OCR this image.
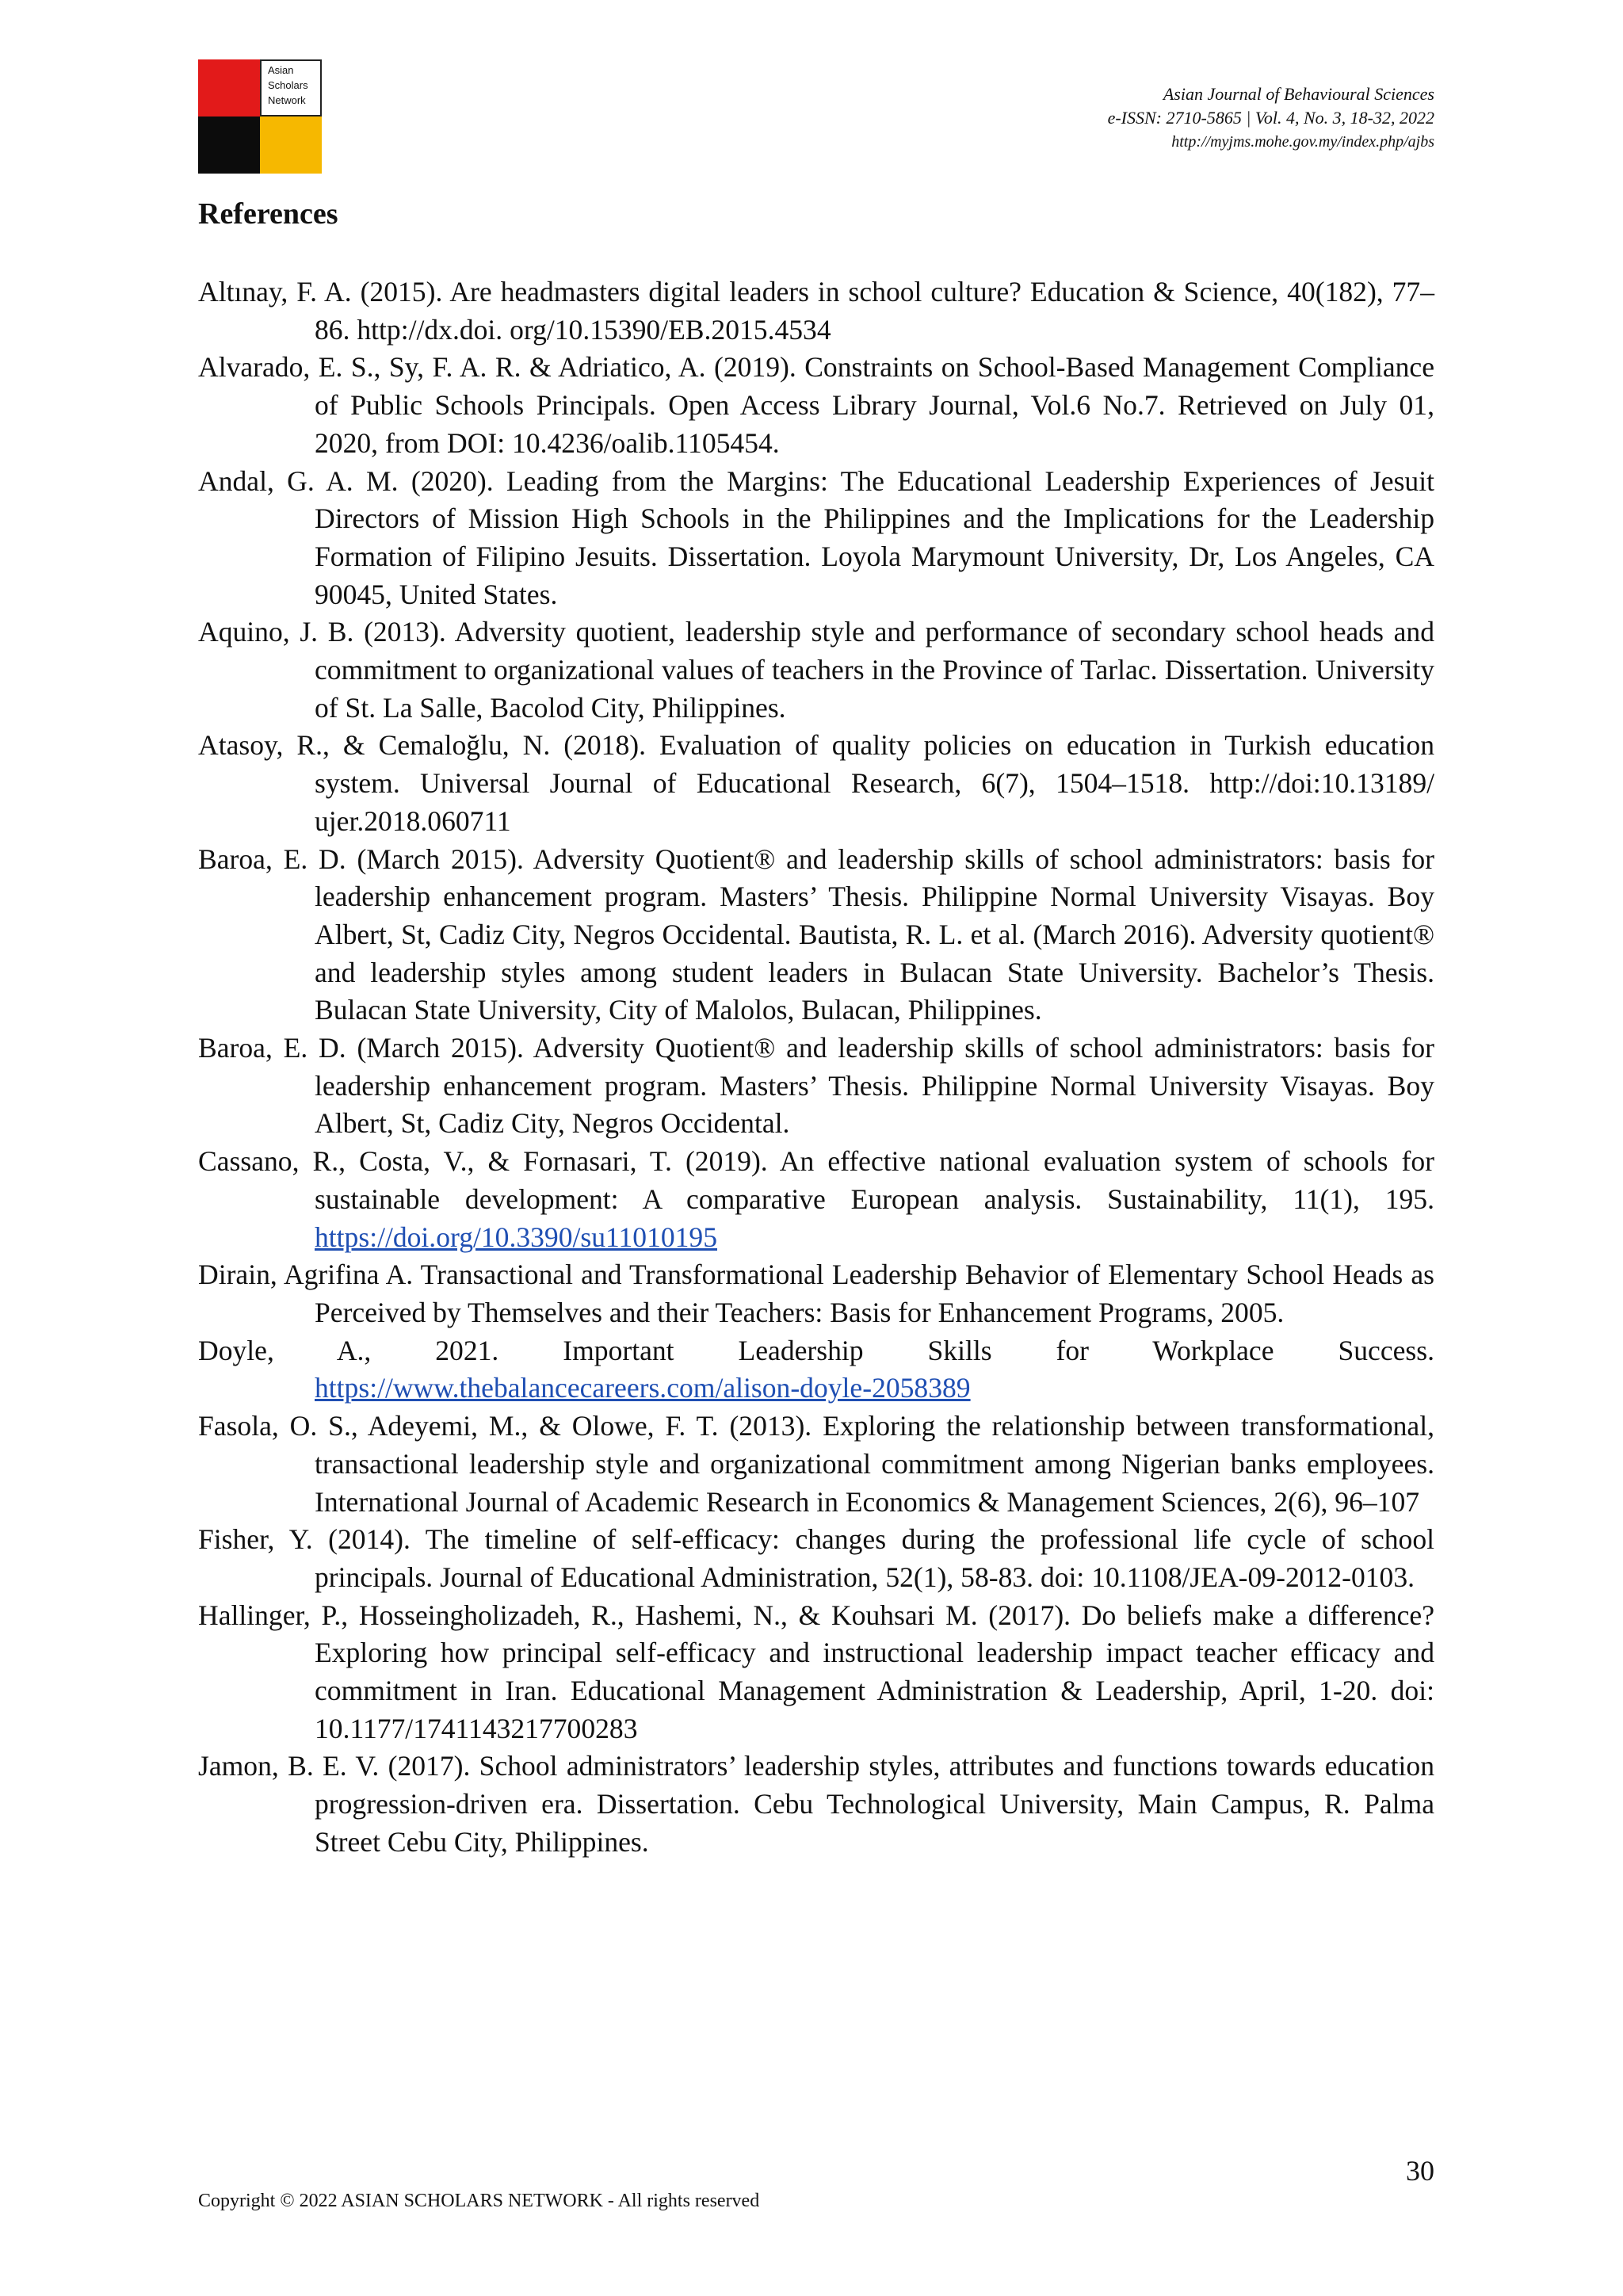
Asian
Scholars
Network	Asian Journal of Behavioural Sciences
e-ISSN: 2710-5865 | Vol. 4, No. 3, 18-32, 2022
http://myjms.mohe.gov.my/index.php/ajbs
References
Altınay, F. A. (2015). Are headmasters digital leaders in school culture? Education & Science, 40(182), 77–86. http://dx.doi. org/10.15390/EB.2015.4534
Alvarado, E. S., Sy, F. A. R. & Adriatico, A. (2019). Constraints on School-Based Management Compliance of Public Schools Principals. Open Access Library Journal, Vol.6 No.7. Retrieved on July 01, 2020, from DOI: 10.4236/oalib.1105454.
Andal, G. A. M. (2020). Leading from the Margins: The Educational Leadership Experiences of Jesuit Directors of Mission High Schools in the Philippines and the Implications for the Leadership Formation of Filipino Jesuits. Dissertation. Loyola Marymount University, Dr, Los Angeles, CA 90045, United States.
Aquino, J. B. (2013). Adversity quotient, leadership style and performance of secondary school heads and commitment to organizational values of teachers in the Province of Tarlac. Dissertation. University of St. La Salle, Bacolod City, Philippines.
Atasoy, R., & Cemaloğlu, N. (2018). Evaluation of quality policies on education in Turkish education system. Universal Journal of Educational Research, 6(7), 1504–1518. http://doi:10.13189/ ujer.2018.060711
Baroa, E. D. (March 2015). Adversity Quotient® and leadership skills of school administrators: basis for leadership enhancement program. Masters’ Thesis. Philippine Normal University Visayas. Boy Albert, St, Cadiz City, Negros Occidental. Bautista, R. L. et al. (March 2016). Adversity quotient® and leadership styles among student leaders in Bulacan State University. Bachelor’s Thesis. Bulacan State University, City of Malolos, Bulacan, Philippines.
Baroa, E. D. (March 2015). Adversity Quotient® and leadership skills of school administrators: basis for leadership enhancement program. Masters’ Thesis. Philippine Normal University Visayas. Boy Albert, St, Cadiz City, Negros Occidental.
Cassano, R., Costa, V., & Fornasari, T. (2019). An effective national evaluation system of schools for sustainable development: A comparative European analysis. Sustainability, 11(1), 195. https://doi.org/10.3390/su11010195
Dirain, Agrifina A. Transactional and Transformational Leadership Behavior of Elementary School Heads as Perceived by Themselves and their Teachers: Basis for Enhancement Programs, 2005.
Doyle, A., 2021. Important Leadership Skills for Workplace Success. https://www.thebalancecareers.com/alison-doyle-2058389
Fasola, O. S., Adeyemi, M., & Olowe, F. T. (2013). Exploring the relationship between transformational, transactional leadership style and organizational commitment among Nigerian banks employees. International Journal of Academic Research in Economics & Management Sciences, 2(6), 96–107
Fisher, Y. (2014). The timeline of self-efficacy: changes during the professional life cycle of school principals. Journal of Educational Administration, 52(1), 58-83. doi: 10.1108/JEA-09-2012-0103.
Hallinger, P., Hosseingholizadeh, R., Hashemi, N., & Kouhsari M. (2017). Do beliefs make a difference? Exploring how principal self-efficacy and instructional leadership impact teacher efficacy and commitment in Iran. Educational Management Administration & Leadership, April, 1-20. doi: 10.1177/1741143217700283
Jamon, B. E. V. (2017). School administrators’ leadership styles, attributes and functions towards education progression-driven era. Dissertation. Cebu Technological University, Main Campus, R. Palma Street Cebu City, Philippines.
30
Copyright © 2022 ASIAN SCHOLARS NETWORK - All rights reserved
